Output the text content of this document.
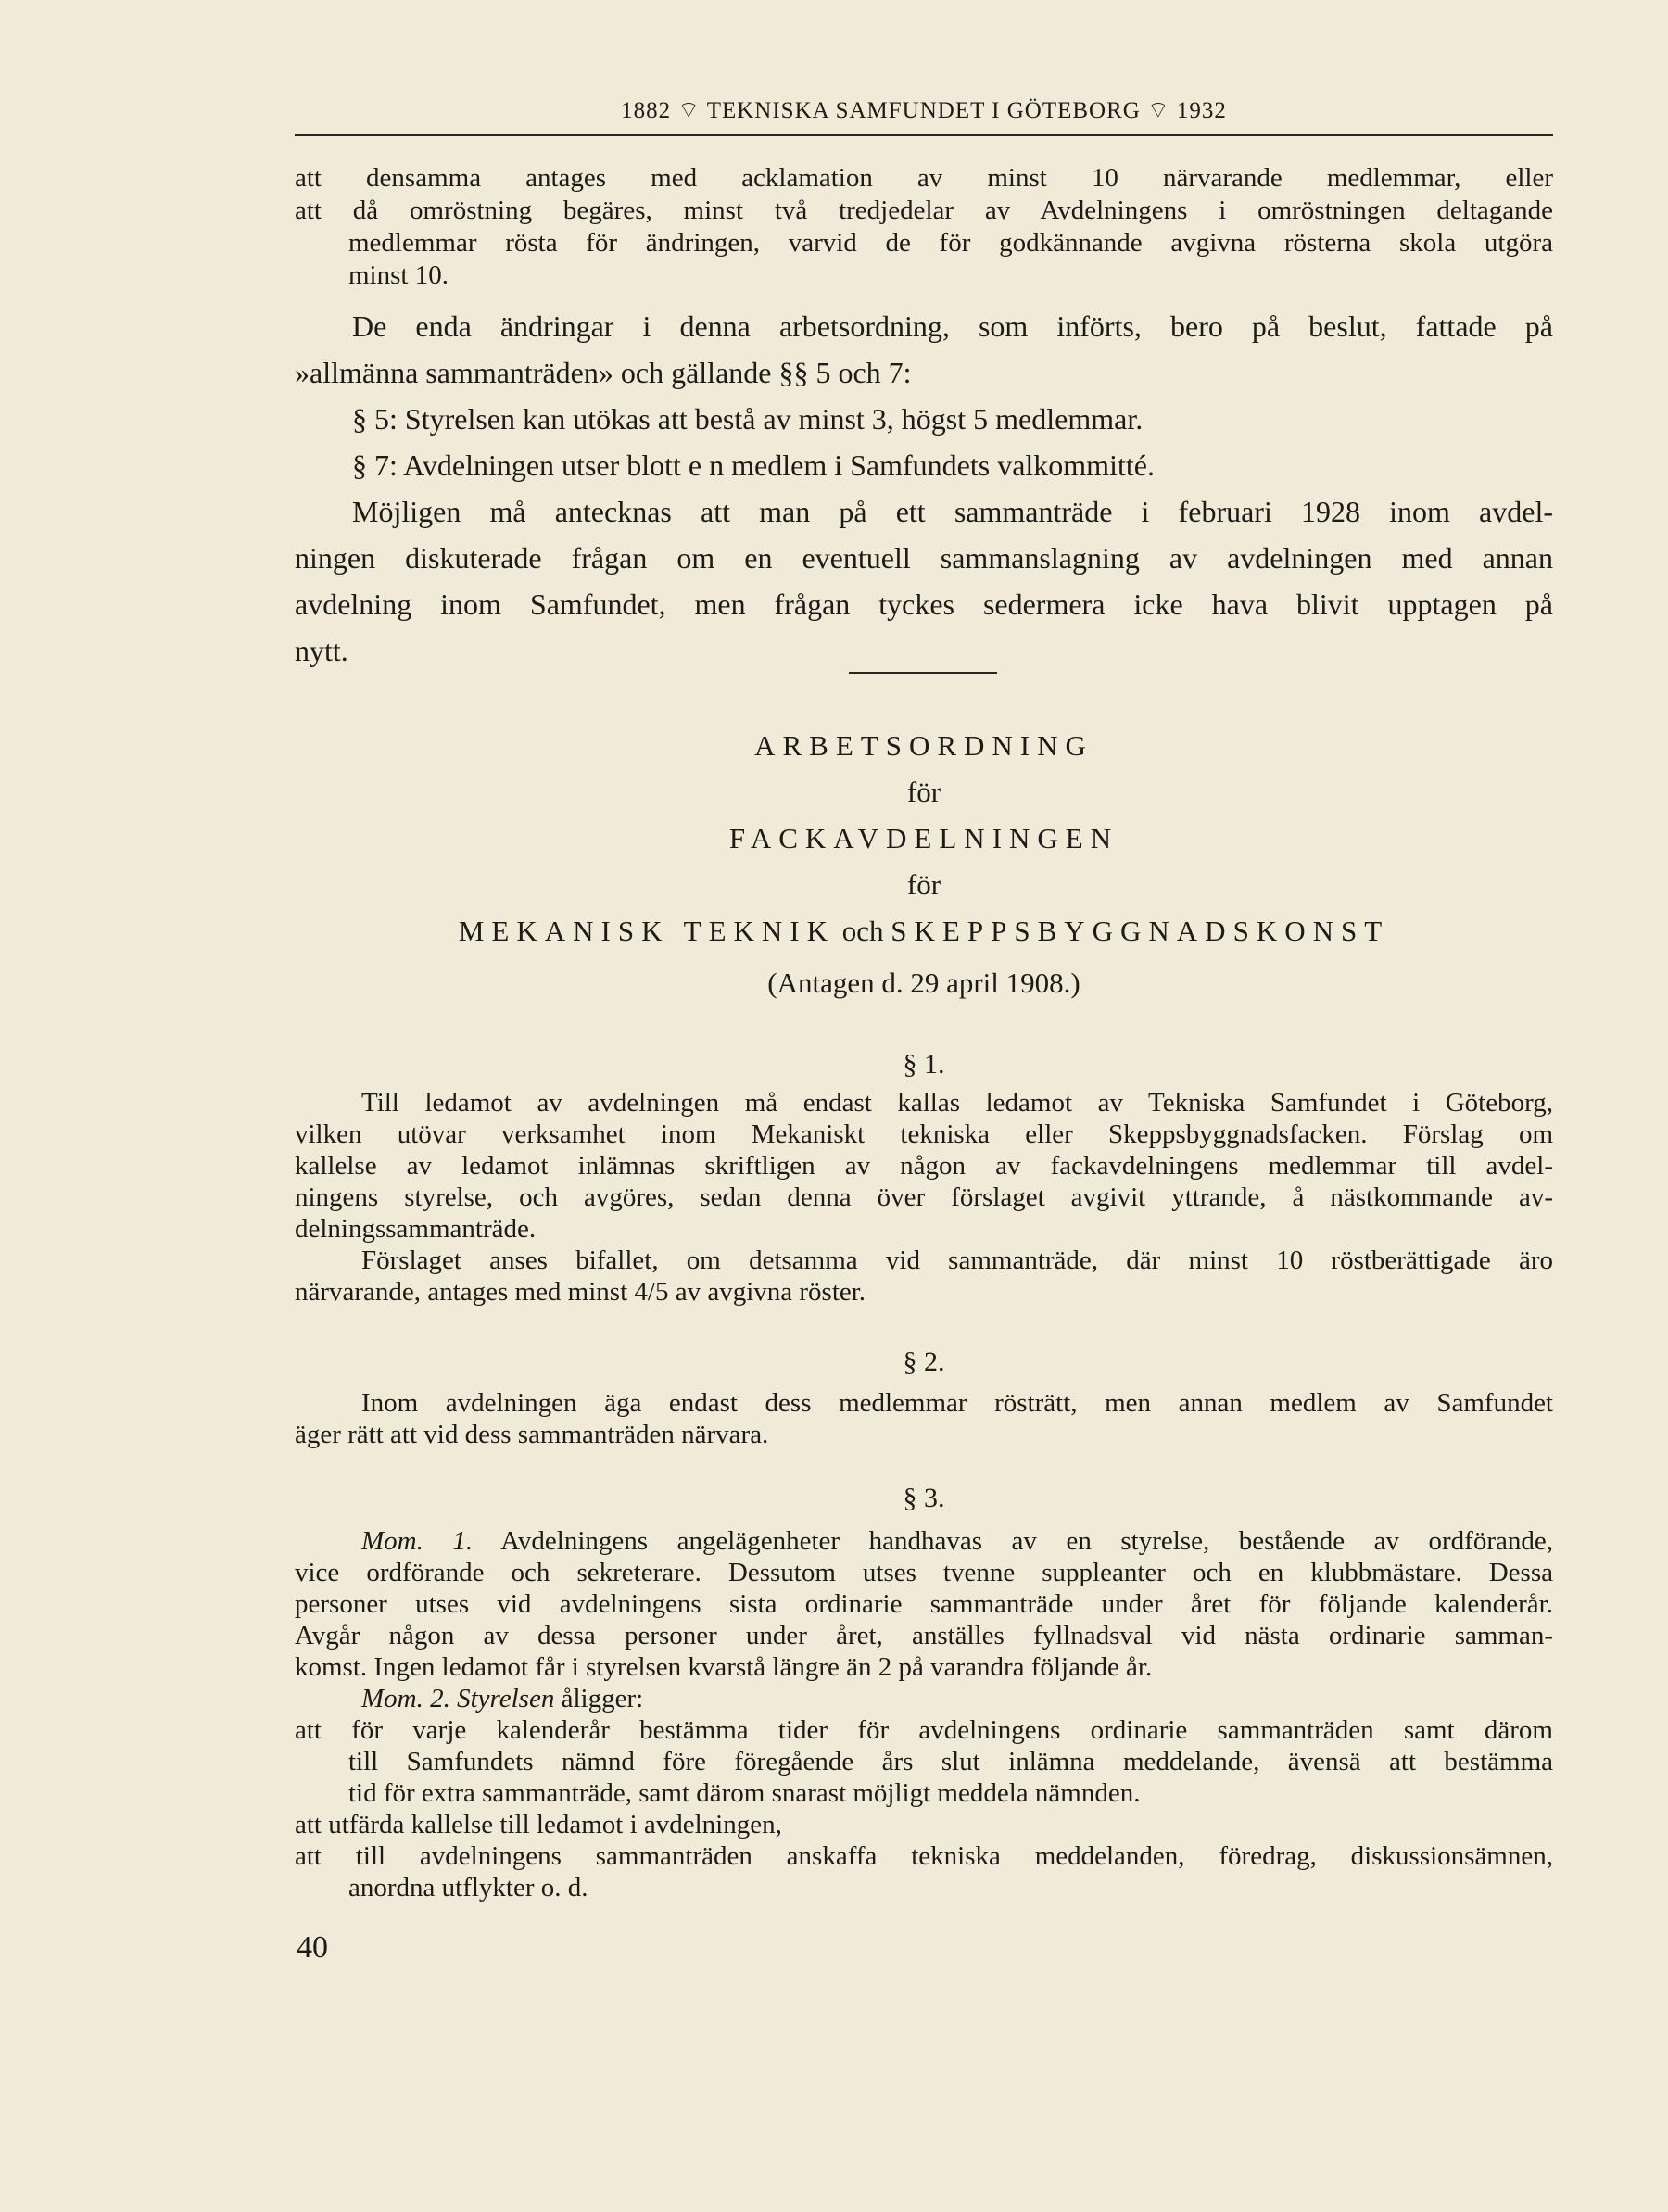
1882 ⌔ TEKNISKA SAMFUNDET I GÖTEBORG ⌔ 1932
att densamma antages med acklamation av minst 10 närvarande medlemmar, eller
att då omröstning begäres, minst två tredjedelar av Avdelningens i omröstningen deltagande
medlemmar rösta för ändringen, varvid de för godkännande avgivna rösterna skola utgöra
minst 10.
De enda ändringar i denna arbetsordning, som införts, bero på beslut, fattade på
»allmänna sammanträden» och gällande §§ 5 och 7:
§ 5: Styrelsen kan utökas att bestå av minst 3, högst 5 medlemmar.
§ 7: Avdelningen utser blott e n medlem i Samfundets valkommitté.
Möjligen må antecknas att man på ett sammanträde i februari 1928 inom avdel-
ningen diskuterade frågan om en eventuell sammanslagning av avdelningen med annan
avdelning inom Samfundet, men frågan tyckes sedermera icke hava blivit upptagen på
nytt.
ARBETSORDNING
för
FACKAVDELNINGEN
för
MEKANISK TEKNIK och SKEPPSBYGGNADSKONST
(Antagen d. 29 april 1908.)
§ 1.
Till ledamot av avdelningen må endast kallas ledamot av Tekniska Samfundet i Göteborg,
vilken utövar verksamhet inom Mekaniskt tekniska eller Skeppsbyggnadsfacken. Förslag om
kallelse av ledamot inlämnas skriftligen av någon av fackavdelningens medlemmar till avdel-
ningens styrelse, och avgöres, sedan denna över förslaget avgivit yttrande, å nästkommande av-
delningssammanträde.
Förslaget anses bifallet, om detsamma vid sammanträde, där minst 10 röstberättigade äro
närvarande, antages med minst 4/5 av avgivna röster.
§ 2.
Inom avdelningen äga endast dess medlemmar rösträtt, men annan medlem av Samfundet
äger rätt att vid dess sammanträden närvara.
§ 3.
Mom. 1. Avdelningens angelägenheter handhavas av en styrelse, bestående av ordförande,
vice ordförande och sekreterare. Dessutom utses tvenne suppleanter och en klubbmästare. Dessa
personer utses vid avdelningens sista ordinarie sammanträde under året för följande kalenderår.
Avgår någon av dessa personer under året, anställes fyllnadsval vid nästa ordinarie samman-
komst. Ingen ledamot får i styrelsen kvarstå längre än 2 på varandra följande år.
Mom. 2. Styrelsen åligger:
att för varje kalenderår bestämma tider för avdelningens ordinarie sammanträden samt därom
till Samfundets nämnd före föregående års slut inlämna meddelande, ävensä att bestämma
tid för extra sammanträde, samt därom snarast möjligt meddela nämnden.
att utfärda kallelse till ledamot i avdelningen,
att till avdelningens sammanträden anskaffa tekniska meddelanden, föredrag, diskussionsämnen,
anordna utflykter o. d.
40
